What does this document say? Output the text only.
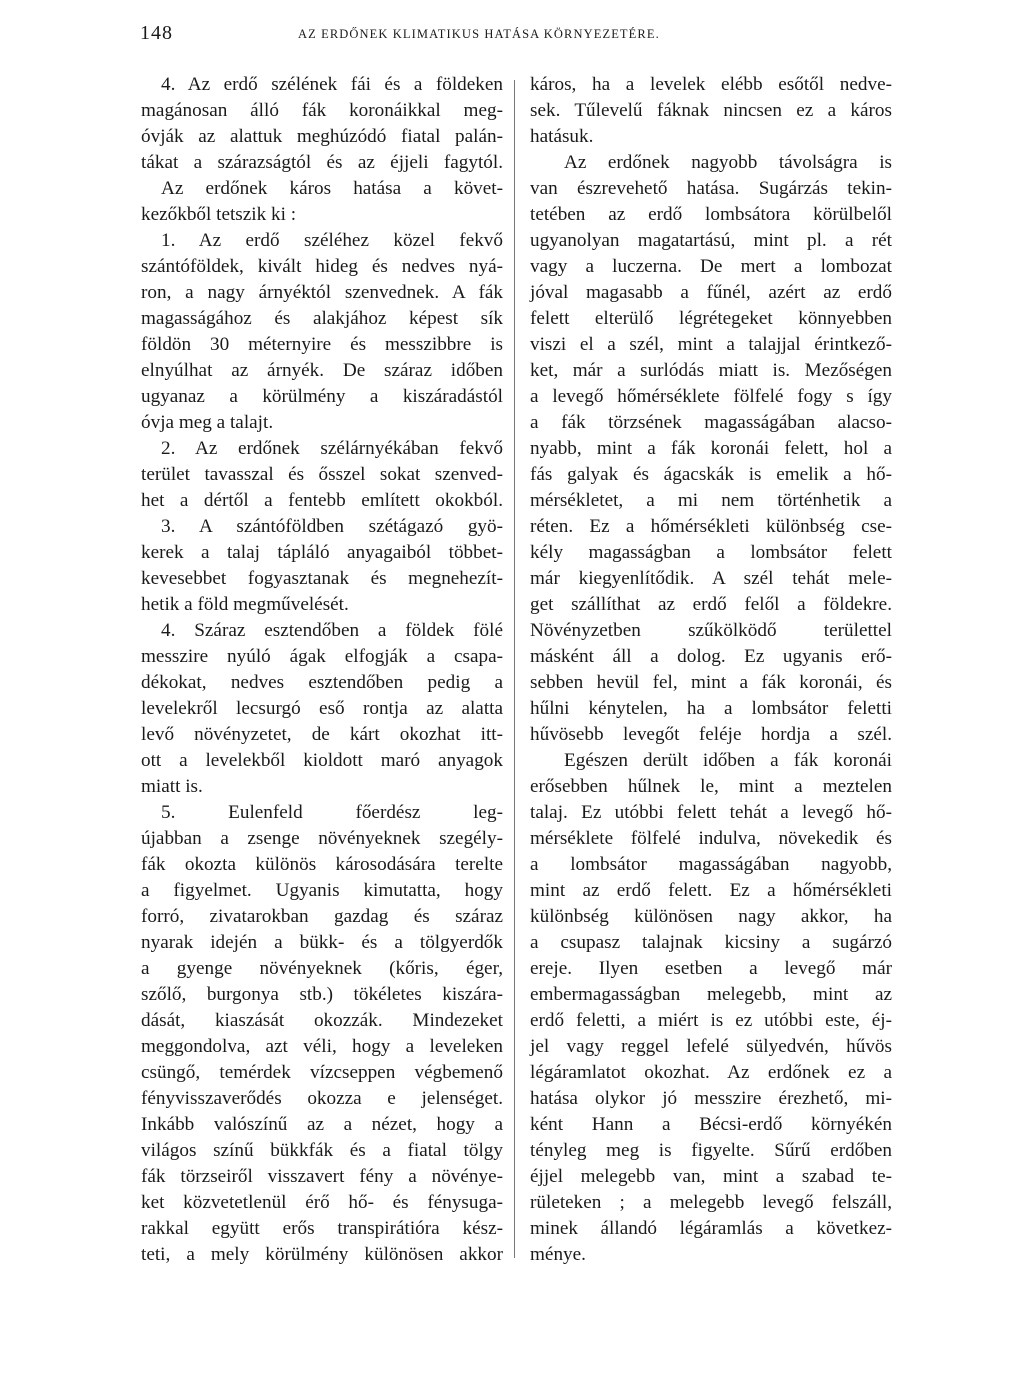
148	AZ ERDŐNEK KLIMATIKUS HATÁSA KÖRNYEZETÉRE.
4. Az erdő szélének fái és a földeken
magánosan álló fák koronáikkal meg-
óvják az alattuk meghúzódó fiatal palán-
tákat a szárazságtól és az éjjeli fagytól.
Az erdőnek káros hatása a követ-
kezőkből tetszik ki :
1. Az erdő széléhez közel fekvő
szántóföldek, kivált hideg és nedves nyá-
ron, a nagy árnyéktól szenvednek. A fák
magasságához és alakjához képest sík
földön 30 méternyire és messzibbre is
elnyúlhat az árnyék. De száraz időben
ugyanaz a körülmény a kiszáradástól
óvja meg a talajt.
2. Az erdőnek szélárnyékában fekvő
terület tavasszal és ősszel sokat szenved-
het a dértől a fentebb említett okokból.
3. A szántóföldben szétágazó gyö-
kerek a talaj tápláló anyagaiból többet-
kevesebbet fogyasztanak és megnehezít-
hetik a föld megművelését.
4. Száraz esztendőben a földek fölé
messzire nyúló ágak elfogják a csapa-
dékokat, nedves esztendőben pedig a
levelekről lecsurgó eső rontja az alatta
levő növényzetet, de kárt okozhat itt-
ott a levelekből kioldott maró anyagok
miatt is.
5. Eulenfeld főerdész leg-
újabban a zsenge növényeknek szegély-
fák okozta különös károsodására terelte
a figyelmet. Ugyanis kimutatta, hogy
forró, zivatarokban gazdag és száraz
nyarak idején a bükk- és a tölgyerdők
a gyenge növényeknek (kőris, éger,
szőlő, burgonya stb.) tökéletes kiszára-
dását, kiaszását okozzák. Mindezeket
meggondolva, azt véli, hogy a leveleken
csüngő, temérdek vízcseppen végbemenő
fényvisszaverődés okozza e jelenséget.
Inkább valószínű az a nézet, hogy a
világos színű bükkfák és a fiatal tölgy
fák törzseiről visszavert fény a növénye-
ket közvetetlenül érő hő- és fénysuga-
rakkal együtt erős transpirátióra kész-
teti, a mely körülmény különösen akkor
káros, ha a levelek elébb esőtől nedve-
sek. Tűlevelű fáknak nincsen ez a káros
hatásuk.
Az erdőnek nagyobb távolságra is
van észrevehető hatása. Sugárzás tekin-
tetében az erdő lombsátora körülbelől
ugyanolyan magatartású, mint pl. a rét
vagy a luczerna. De mert a lombozat
jóval magasabb a fűnél, azért az erdő
felett elterülő légrétegeket könnyebben
viszi el a szél, mint a talajjal érintkező-
ket, már a surlódás miatt is. Mezőségen
a levegő hőmérséklete fölfelé fogy s így
a fák törzsének magasságában alacso-
nyabb, mint a fák koronái felett, hol a
fás galyak és ágacskák is emelik a hő-
mérsékletet, a mi nem történhetik a
réten. Ez a hőmérsékleti különbség cse-
kély magasságban a lombsátor felett
már kiegyenlítődik. A szél tehát mele-
get szállíthat az erdő felől a földekre.
Növényzetben szűkölködő területtel
másként áll a dolog. Ez ugyanis erő-
sebben hevül fel, mint a fák koronái, és
hűlni kénytelen, ha a lombsátor feletti
hűvösebb levegőt feléje hordja a szél.
Egészen derült időben a fák koronái
erősebben hűlnek le, mint a meztelen
talaj. Ez utóbbi felett tehát a levegő hő-
mérséklete fölfelé indulva, növekedik és
a lombsátor magasságában nagyobb,
mint az erdő felett. Ez a hőmérsékleti
különbség különösen nagy akkor, ha
a csupasz talajnak kicsiny a sugárzó
ereje. Ilyen esetben a levegő már
embermagasságban melegebb, mint az
erdő feletti, a miért is ez utóbbi este, éj-
jel vagy reggel lefelé sülyedvén, hűvös
légáramlatot okozhat. Az erdőnek ez a
hatása olykor jó messzire érezhető, mi-
ként Hann a Bécsi-erdő környékén
tényleg meg is figyelte. Sűrű erdőben
éjjel melegebb van, mint a szabad te-
rületeken ; a melegebb levegő felszáll,
minek állandó légáramlás a következ-
ménye.
